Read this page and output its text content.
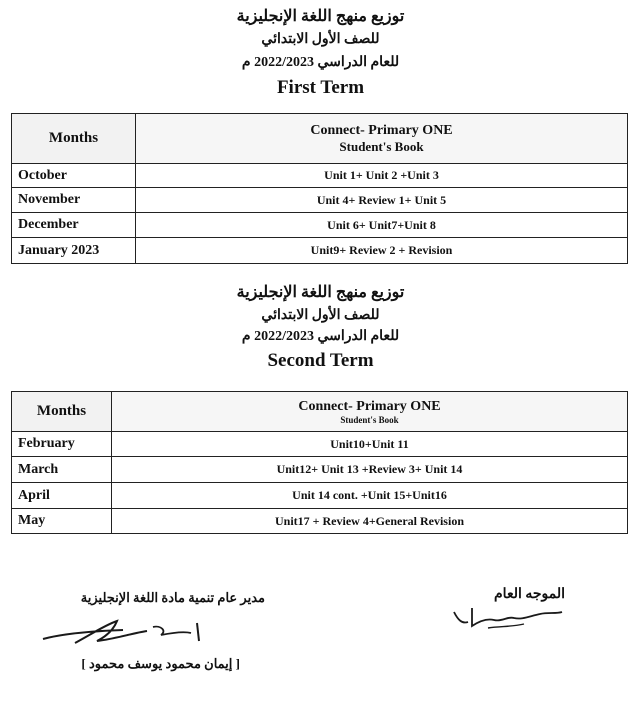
توزيع منهج اللغة الإنجليزية
للصف الأول الابتدائي
للعام الدراسي 2022/2023 م
First Term
Months	Connect- Primary ONE
Student's Book

October	Unit 1+ Unit 2 +Unit 3
November	Unit 4+ Review 1+ Unit 5
December	Unit 6+ Unit7+Unit 8
January 2023	Unit9+ Review 2 + Revision
توزيع منهج اللغة الإنجليزية
للصف الأول الابتدائي
للعام الدراسي 2022/2023 م
Second Term
Months	Connect- Primary ONE
Student's Book

February	Unit10+Unit 11
March	Unit12+ Unit 13 +Review 3+ Unit 14
April	Unit 14 cont. +Unit 15+Unit16
May	Unit17 + Review 4+General Revision
مدير عام تنمية مادة اللغة الإنجليزية
[ إيمان محمود يوسف محمود ]
الموجه العام
